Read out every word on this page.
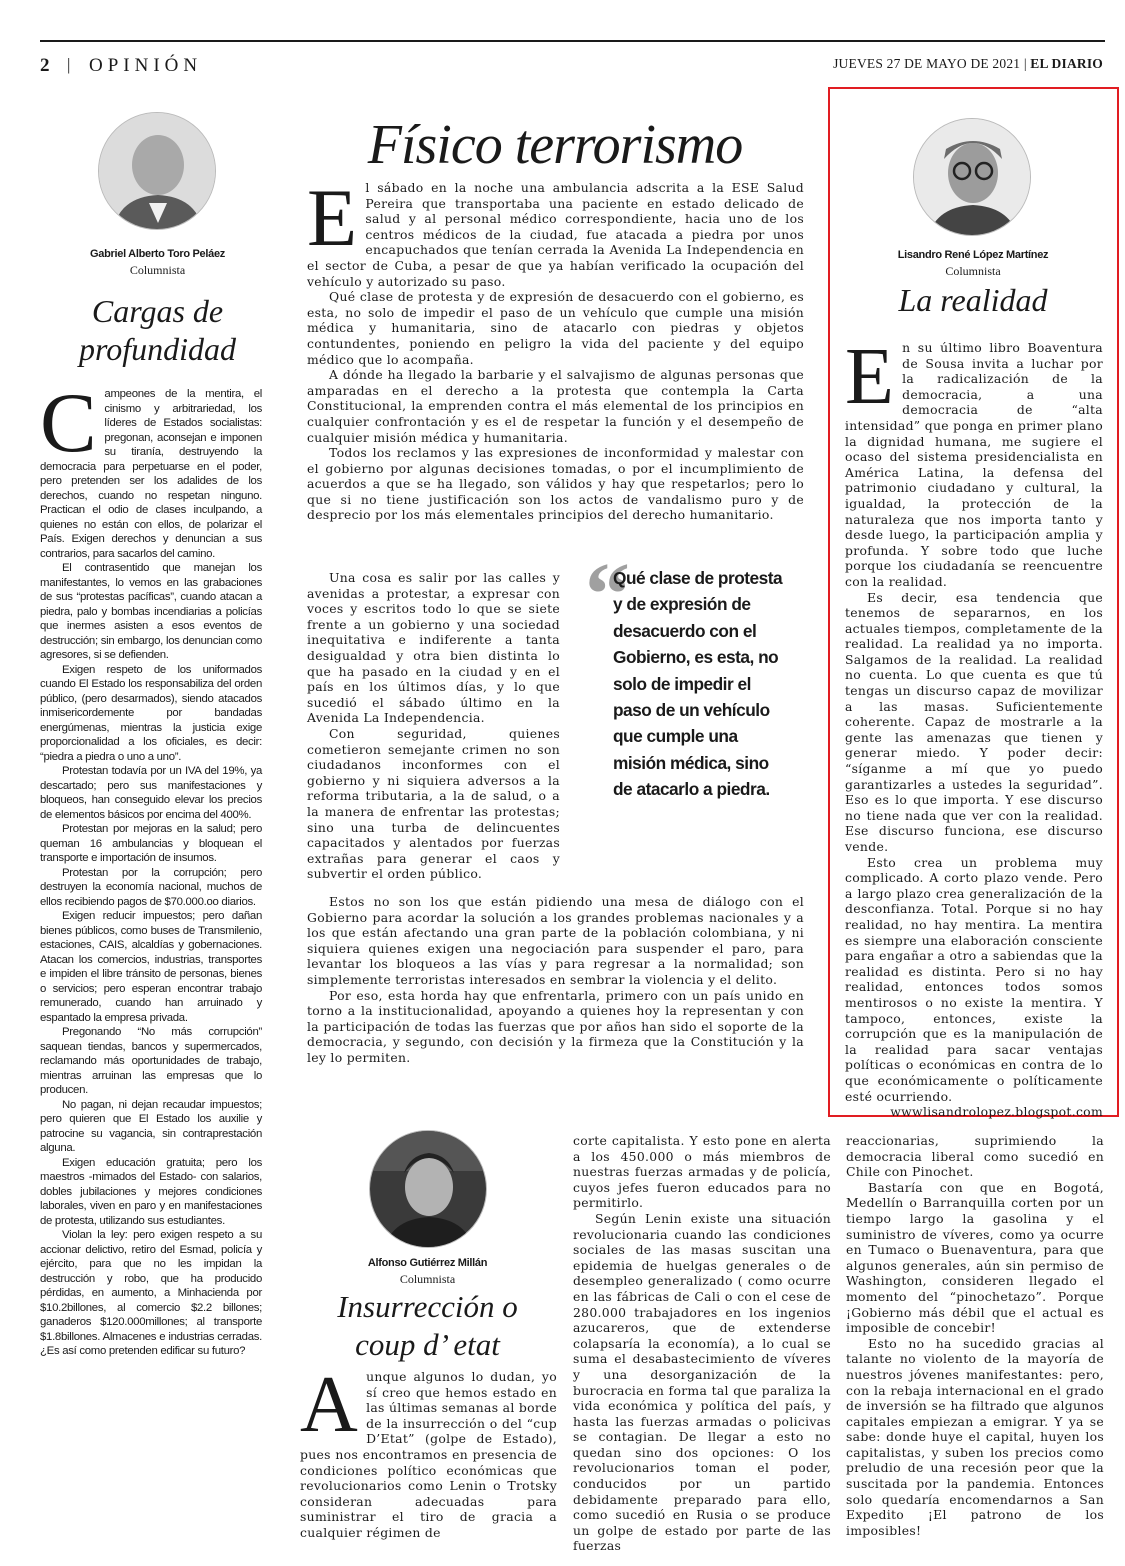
2 | OPINIÓN	JUEVES 27 DE MAYO DE 2021 | EL DIARIO
Gabriel Alberto Toro Peláez
Columnista
Cargas de
profundidad
C ampeones de la mentira, el cinismo y arbitrariedad, los líderes de Estados socialistas: pregonan, aconsejan e imponen su tiranía, destruyendo la democracia para perpetuarse en el poder, pero pretenden ser los adalides de los derechos, cuando no respetan ninguno. Practican el odio de clases inculpando, a quienes no están con ellos, de polarizar el País. Exigen derechos y denuncian a sus contrarios, para sacarlos del camino.

El contrasentido que manejan los manifestantes, lo vemos en las grabaciones de sus “protestas pacíficas”, cuando atacan a piedra, palo y bombas incendiarias a policías que inermes asisten a esos eventos de destrucción; sin embargo, los denuncian como agresores, si se defienden.

Exigen respeto de los uniformados cuando El Estado los responsabiliza del orden público, (pero desarmados), siendo atacados inmisericordemente por bandadas energúmenas, mientras la justicia exige proporcionalidad a los oficiales, es decir: “piedra a piedra o uno a uno”.

Protestan todavía por un IVA del 19%, ya descartado; pero sus manifestaciones y bloqueos, han conseguido elevar los precios de elementos básicos por encima del 400%.

Protestan por mejoras en la salud; pero queman 16 ambulancias y bloquean el transporte e importación de insumos.

Protestan por la corrupción; pero destruyen la economía nacional, muchos de ellos recibiendo pagos de $70.000.oo diarios.

Exigen reducir impuestos; pero dañan bienes públicos, como buses de Transmilenio, estaciones, CAIS, alcaldías y gobernaciones. Atacan los comercios, industrias, transportes e impiden el libre tránsito de personas, bienes o servicios; pero esperan encontrar trabajo remunerado, cuando han arruinado y espantado la empresa privada.

Pregonando “No más corrupción” saquean tiendas, bancos y supermercados, reclamando más oportunidades de trabajo, mientras arruinan las empresas que lo producen.

No pagan, ni dejan recaudar impuestos; pero quieren que El Estado los auxilie y patrocine su vagancia, sin contraprestación alguna.

Exigen educación gratuita; pero los maestros -mimados del Estado- con salarios, dobles jubilaciones y mejores condiciones laborales, viven en paro y en manifestaciones de protesta, utilizando sus estudiantes.

Violan la ley: pero exigen respeto a su accionar delictivo, retiro del Esmad, policía y ejército, para que no les impidan la destrucción y robo, que ha producido pérdidas, en aumento, a Minhacienda por $10.2billones, al comercio $2.2 billones; ganaderos $120.000millones; al transporte $1.8billones. Almacenes e industrias cerradas. ¿Es así como pretenden edificar su futuro?

Físico terrorismo
E l sábado en la noche una ambulancia adscrita a la ESE Salud Pereira que transportaba una paciente en estado delicado de salud y al personal médico correspondiente, hacia uno de los centros médicos de la ciudad, fue atacada a piedra por unos encapuchados que tenían cerrada la Avenida La Independencia en el sector de Cuba, a pesar de que ya habían verificado la ocupación del vehículo y autorizado su paso.

Qué clase de protesta y de expresión de desacuerdo con el gobierno, es esta, no solo de impedir el paso de un vehículo que cumple una misión médica y humanitaria, sino de atacarlo con piedras y objetos contundentes, poniendo en peligro la vida del paciente y del equipo médico que lo acompaña.

A dónde ha llegado la barbarie y el salvajismo de algunas personas que amparadas en el derecho a la protesta que contempla la Carta Constitucional, la emprenden contra el más elemental de los principios en cualquier confrontación y es el de respetar la función y el desempeño de cualquier misión médica y humanitaria.

Todos los reclamos y las expresiones de inconformidad y malestar con el gobierno por algunas decisiones tomadas, o por el incumplimiento de acuerdos a que se ha llegado, son válidos y hay que respetarlos; pero lo que si no tiene justificación son los actos de vandalismo puro y de desprecio por los más elementales principios del derecho humanitario.

Una cosa es salir por las calles y avenidas a protestar, a expresar con voces y escritos todo lo que se siete frente a un gobierno y una sociedad inequitativa e indiferente a tanta desigualdad y otra bien distinta lo que ha pasado en la ciudad y en el país en los últimos días, y lo que sucedió el sábado último en la Avenida La Independencia.

Con seguridad, quienes cometieron semejante crimen no son ciudadanos inconformes con el gobierno y ni siquiera adversos a la reforma tributaria, a la de salud, o a la manera de enfrentar las protestas; sino una turba de delincuentes capacitados y alentados por fuerzas extrañas para generar el caos y subvertir el orden público.

“
Qué clase de protesta y de expresión de desacuerdo con el Gobierno, es esta, no solo de impedir el paso de un vehículo que cumple una misión médica, sino de atacarlo a piedra.

Estos no son los que están pidiendo una mesa de diálogo con el Gobierno para acordar la solución a los grandes problemas nacionales y a los que están afectando una gran parte de la población colombiana, y ni siquiera quienes exigen una negociación para suspender el paro, para levantar los bloqueos a las vías y para regresar a la normalidad; son simplemente terroristas interesados en sembrar la violencia y el delito.

Por eso, esta horda hay que enfrentarla, primero con un país unido en torno a la institucionalidad, apoyando a quienes hoy la representan y con la participación de todas las fuerzas que por años han sido el soporte de la democracia, y segundo, con decisión y la firmeza que la Constitución y la ley lo permiten.

Lisandro René López Martínez
Columnista
La realidad
E n su último libro Boaventura de Sousa invita a luchar por la radicalización de la democracia, a una democracia de “alta intensidad” que ponga en primer plano la dignidad humana, me sugiere el ocaso del sistema presidencialista en América Latina, la defensa del patrimonio ciudadano y cultural, la igualdad, la protección de la naturaleza que nos importa tanto y desde luego, la participación amplia y profunda. Y sobre todo que luche porque los ciudadanía se reencuentre con la realidad.

Es decir, esa tendencia que tenemos de separarnos, en los actuales tiempos, completamente de la realidad. La realidad ya no importa. Salgamos de la realidad. La realidad no cuenta. Lo que cuenta es que tú tengas un discurso capaz de movilizar a las masas. Suficientemente coherente. Capaz de mostrarle a la gente las amenazas que tienen y generar miedo. Y poder decir: “síganme a mí que yo puedo garantizarles a ustedes la seguridad”. Eso es lo que importa. Y ese discurso no tiene nada que ver con la realidad. Ese discurso funciona, ese discurso vende.

Esto crea un problema muy complicado. A corto plazo vende. Pero a largo plazo crea generalización de la desconfianza. Total. Porque si no hay realidad, no hay mentira. La mentira es siempre una elaboración consciente para engañar a otro a sabiendas que la realidad es distinta. Pero si no hay realidad, entonces todos somos mentirosos o no existe la mentira. Y tampoco, entonces, existe la corrupción que es la manipulación de la realidad para sacar ventajas políticas o económicas en contra de lo que económicamente o políticamente esté ocurriendo.

wwwlisandrolopez.blogspot.com

Alfonso Gutiérrez Millán
Columnista
Insurrección o
coup d’ etat
A unque algunos lo dudan, yo sí creo que hemos estado en las últimas semanas al borde de la insurrección o del “cup D’Etat” (golpe de Estado), pues nos encontramos en presencia de condiciones político económicas que revolucionarios como Lenin o Trotsky consideran adecuadas para suministrar el tiro de gracia a cualquier régimen de

corte capitalista. Y esto pone en alerta a los 450.000 o más miembros de nuestras fuerzas armadas y de policía, cuyos jefes fueron educados para no permitirlo.

Según Lenin existe una situación revolucionaria cuando las condiciones sociales de las masas suscitan una epidemia de huelgas generales o de desempleo generalizado ( como ocurre en las fábricas de Cali o con el cese de 280.000 trabajadores en los ingenios azucareros, que de extenderse colapsaría la economía), a lo cual se suma el desabastecimiento de víveres y una desorganización de la burocracia en forma tal que paraliza la vida económica y política del país, y hasta las fuerzas armadas o policivas se contagian. De llegar a esto no quedan sino dos opciones: O los revolucionarios toman el poder, conducidos por un partido debidamente preparado para ello, como sucedió en Rusia o se produce un golpe de estado por parte de las fuerzas

reaccionarias, suprimiendo la democracia liberal como sucedió en Chile con Pinochet.

Bastaría con que en Bogotá, Medellín o Barranquilla corten por un tiempo largo la gasolina y el suministro de víveres, como ya ocurre en Tumaco o Buenaventura, para que algunos generales, aún sin permiso de Washington, consideren llegado el momento del “pinochetazo”. Porque ¡Gobierno más débil que el actual es imposible de concebir!

Esto no ha sucedido gracias al talante no violento de la mayoría de nuestros jóvenes manifestantes: pero, con la rebaja internacional en el grado de inversión se ha filtrado que algunos capitales empiezan a emigrar. Y ya se sabe: donde huye el capital, huyen los capitalistas, y suben los precios como preludio de una recesión peor que la suscitada por la pandemia. Entonces solo quedaría encomendarnos a San Expedito ¡El patrono de los imposibles!
